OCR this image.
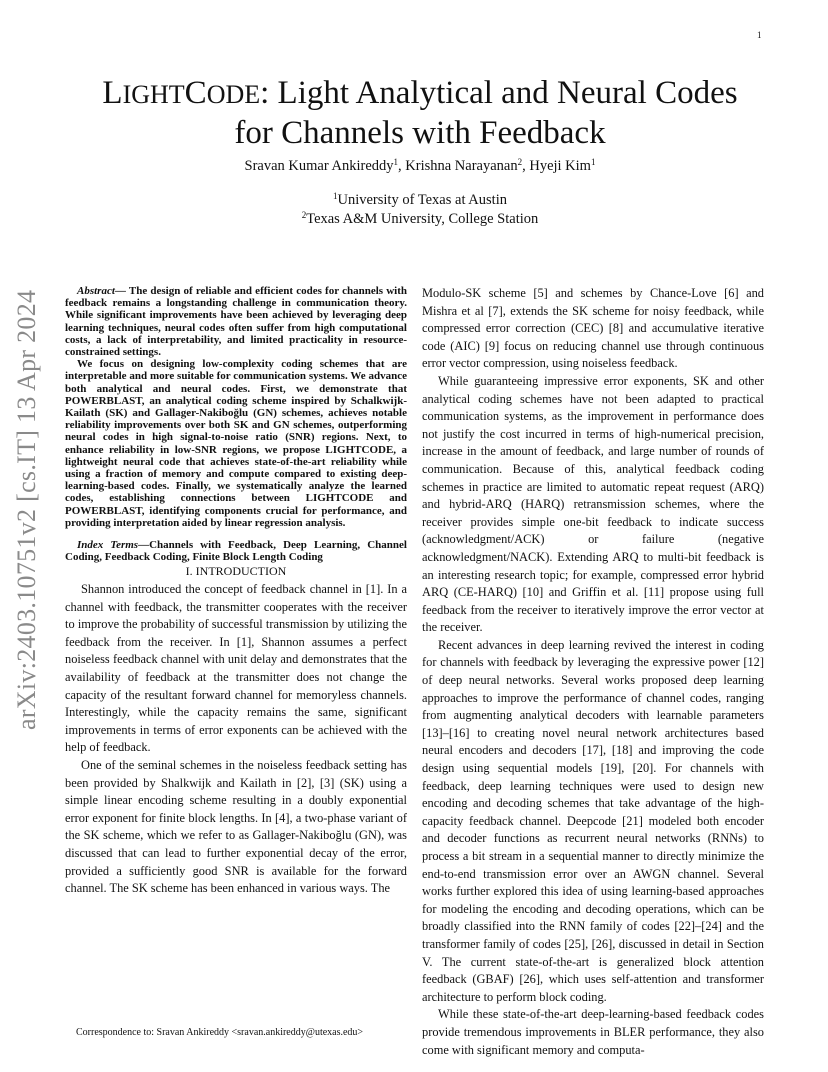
1
arXiv:2403.10751v2 [cs.IT] 13 Apr 2024
LIGHTCODE: Light Analytical and Neural Codes
for Channels with Feedback
Sravan Kumar Ankireddy$^1$, Krishna Narayanan$^2$, Hyeji Kim$^1$
$^1$University of Texas at Austin
$^2$Texas A&M University, College Station

Abstract— The design of reliable and efficient codes for channels with feedback remains a longstanding challenge in communication theory. While significant improvements have been achieved by leveraging deep learning techniques, neural codes often suffer from high computational costs, a lack of interpretability, and limited practicality in resource-constrained settings.

We focus on designing low-complexity coding schemes that are interpretable and more suitable for communication systems. We advance both analytical and neural codes. First, we demonstrate that POWERBLAST, an analytical coding scheme inspired by Schalkwijk-Kailath (SK) and Gallager-Nakiboğlu (GN) schemes, achieves notable reliability improvements over both SK and GN schemes, outperforming neural codes in high signal-to-noise ratio (SNR) regions. Next, to enhance reliability in low-SNR regions, we propose LIGHTCODE, a lightweight neural code that achieves state-of-the-art reliability while using a fraction of memory and compute compared to existing deep-learning-based codes. Finally, we systematically analyze the learned codes, establishing connections between LIGHTCODE and POWERBLAST, identifying components crucial for performance, and providing interpretation aided by linear regression analysis.

Index Terms—Channels with Feedback, Deep Learning, Channel Coding, Feedback Coding, Finite Block Length Coding

I. INTRODUCTION

Shannon introduced the concept of feedback channel in [1]. In a channel with feedback, the transmitter cooperates with the receiver to improve the probability of successful transmission by utilizing the feedback from the receiver. In [1], Shannon assumes a perfect noiseless feedback channel with unit delay and demonstrates that the availability of feedback at the transmitter does not change the capacity of the resultant forward channel for memoryless channels. Interestingly, while the capacity remains the same, significant improvements in terms of error exponents can be achieved with the help of feedback.

One of the seminal schemes in the noiseless feedback setting has been provided by Shalkwijk and Kailath in [2], [3] (SK) using a simple linear encoding scheme resulting in a doubly exponential error exponent for finite block lengths. In [4], a two-phase variant of the SK scheme, which we refer to as Gallager-Nakiboğlu (GN), was discussed that can lead to further exponential decay of the error, provided a sufficiently good SNR is available for the forward channel. The SK scheme has been enhanced in various ways. The

Correspondence to: Sravan Ankireddy <sravan.ankireddy@utexas.edu>

Modulo-SK scheme [5] and schemes by Chance-Love [6] and Mishra et al [7], extends the SK scheme for noisy feedback, while compressed error correction (CEC) [8] and accumulative iterative code (AIC) [9] focus on reducing channel use through continuous error vector compression, using noiseless feedback.

While guaranteeing impressive error exponents, SK and other analytical coding schemes have not been adapted to practical communication systems, as the improvement in performance does not justify the cost incurred in terms of high-numerical precision, increase in the amount of feedback, and large number of rounds of communication. Because of this, analytical feedback coding schemes in practice are limited to automatic repeat request (ARQ) and hybrid-ARQ (HARQ) retransmission schemes, where the receiver provides simple one-bit feedback to indicate success (acknowledgment/ACK) or failure (negative acknowledgment/NACK). Extending ARQ to multi-bit feedback is an interesting research topic; for example, compressed error hybrid ARQ (CE-HARQ) [10] and Griffin et al. [11] propose using full feedback from the receiver to iteratively improve the error vector at the receiver.

Recent advances in deep learning revived the interest in coding for channels with feedback by leveraging the expressive power [12] of deep neural networks. Several works proposed deep learning approaches to improve the performance of channel codes, ranging from augmenting analytical decoders with learnable parameters [13]–[16] to creating novel neural network architectures based neural encoders and decoders [17], [18] and improving the code design using sequential models [19], [20]. For channels with feedback, deep learning techniques were used to design new encoding and decoding schemes that take advantage of the high-capacity feedback channel. Deepcode [21] modeled both encoder and decoder functions as recurrent neural networks (RNNs) to process a bit stream in a sequential manner to directly minimize the end-to-end transmission error over an AWGN channel. Several works further explored this idea of using learning-based approaches for modeling the encoding and decoding operations, which can be broadly classified into the RNN family of codes [22]–[24] and the transformer family of codes [25], [26], discussed in detail in Section V. The current state-of-the-art is generalized block attention feedback (GBAF) [26], which uses self-attention and transformer architecture to perform block coding.

While these state-of-the-art deep-learning-based feedback codes provide tremendous improvements in BLER performance, they also come with significant memory and computa-
